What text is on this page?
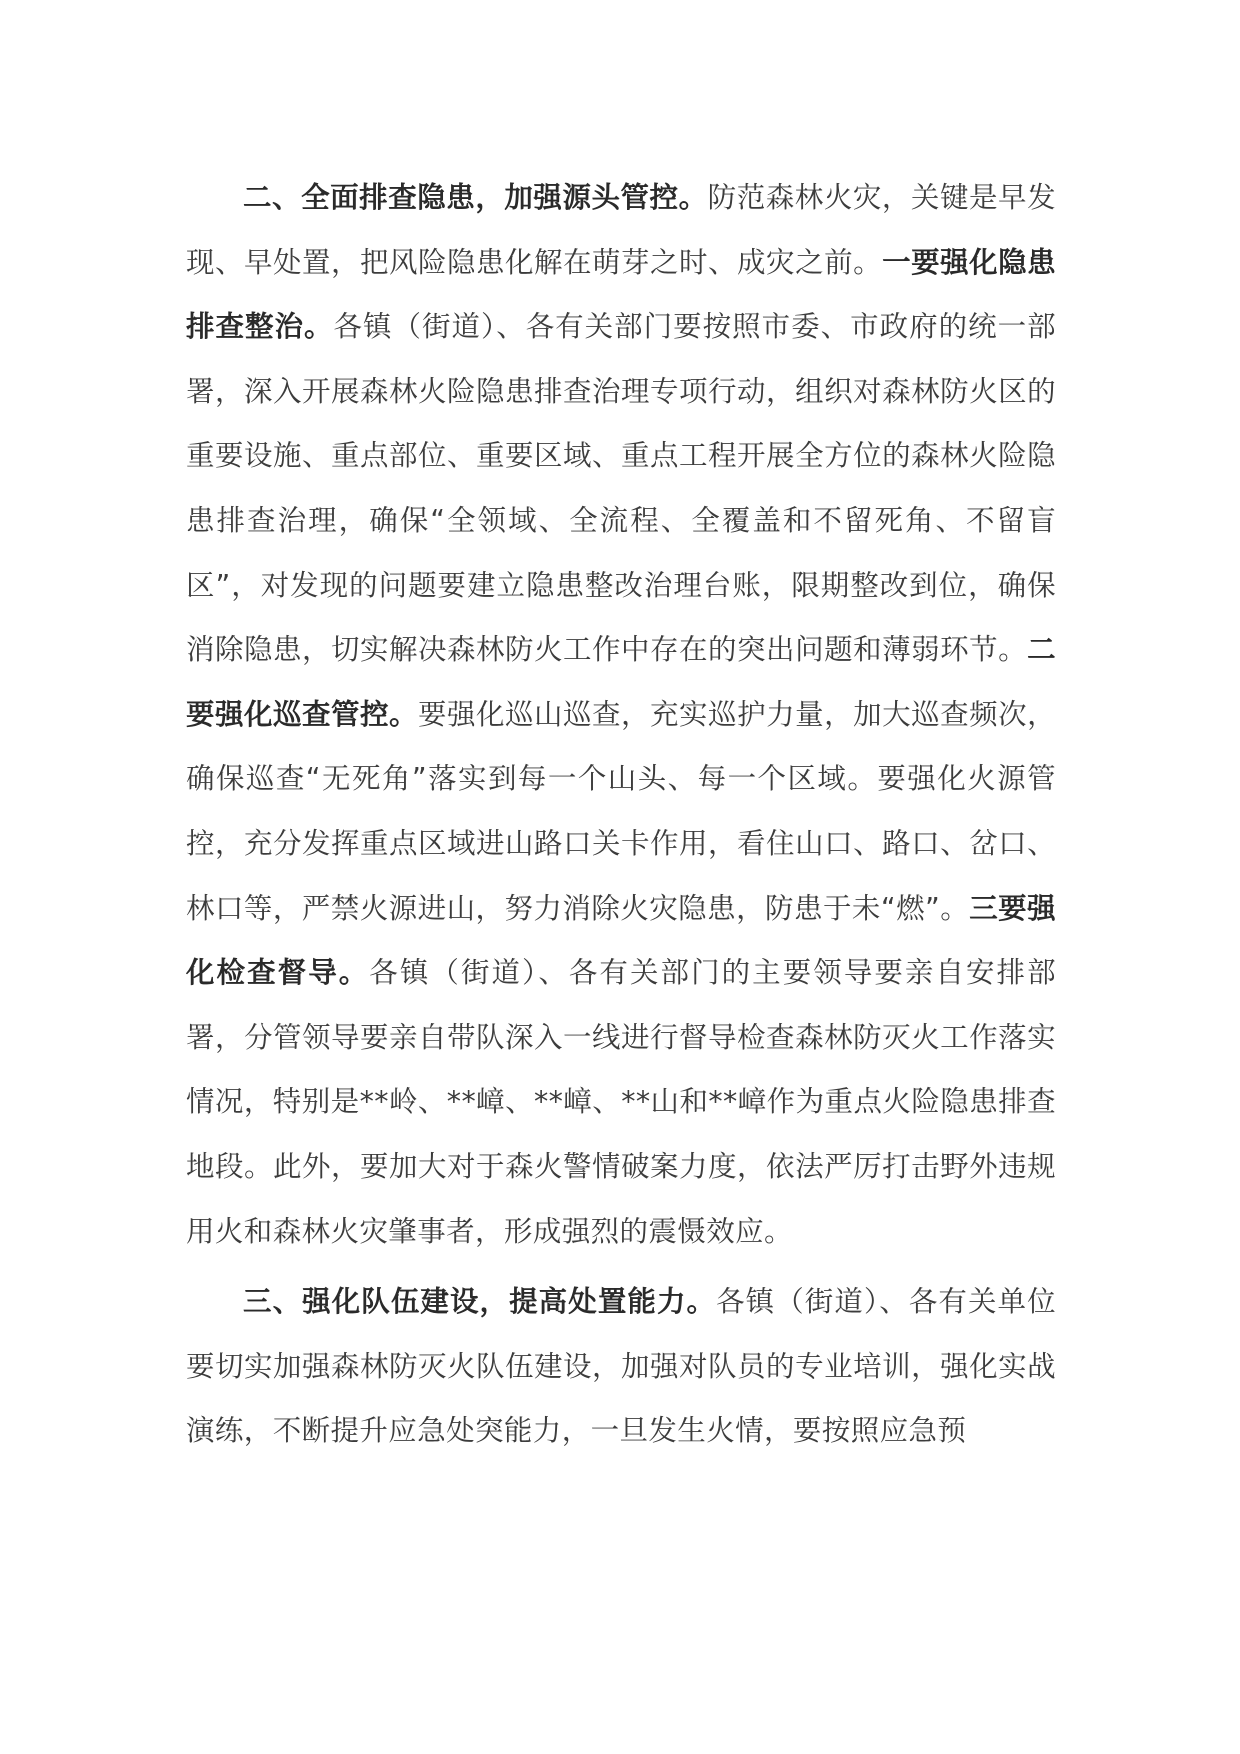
二、全面排查隐患，加强源头管控。防范森林火灾，关键是早发现、早处置，把风险隐患化解在萌芽之时、成灾之前。一要强化隐患排查整治。各镇（街道）、各有关部门要按照市委、市政府的统一部署，深入开展森林火险隐患排查治理专项行动，组织对森林防火区的重要设施、重点部位、重要区域、重点工程开展全方位的森林火险隐患排查治理，确保“全领域、全流程、全覆盖和不留死角、不留盲区”，对发现的问题要建立隐患整改治理台账，限期整改到位，确保消除隐患，切实解决森林防火工作中存在的突出问题和薄弱环节。二要强化巡查管控。要强化巡山巡查，充实巡护力量，加大巡查频次，确保巡查“无死角”落实到每一个山头、每一个区域。要强化火源管控，充分发挥重点区域进山路口关卡作用，看住山口、路口、岔口、林口等，严禁火源进山，努力消除火灾隐患，防患于未“燃”。三要强化检查督导。各镇（街道）、各有关部门的主要领导要亲自安排部署，分管领导要亲自带队深入一线进行督导检查森林防灭火工作落实情况，特别是**岭、**嶂、**嶂、**山和**嶂作为重点火险隐患排查地段。此外，要加大对于森火警情破案力度，依法严厉打击野外违规用火和森林火灾肇事者，形成强烈的震慑效应。

三、强化队伍建设，提高处置能力。各镇（街道）、各有关单位要切实加强森林防灭火队伍建设，加强对队员的专业培训，强化实战演练，不断提升应急处突能力，一旦发生火情，要按照应急预
